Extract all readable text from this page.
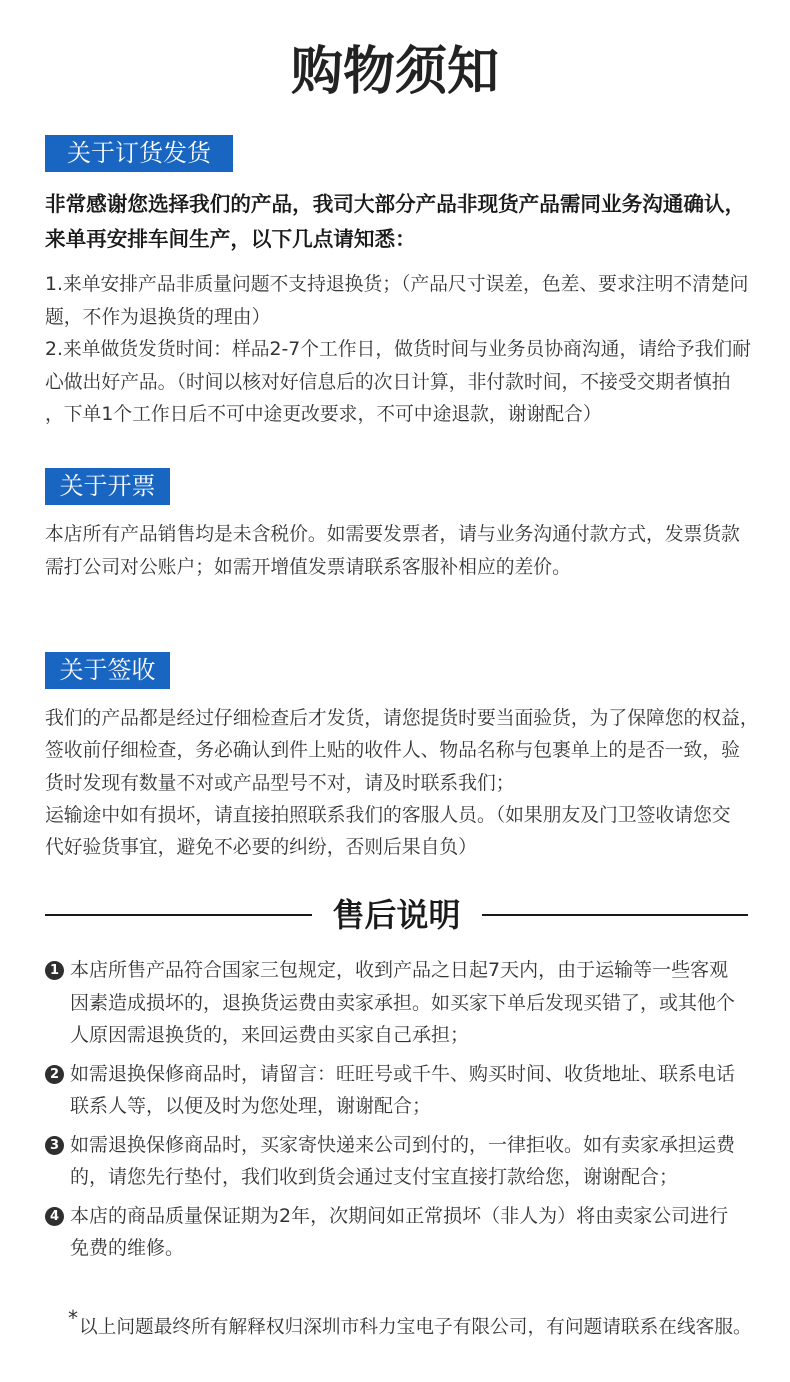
购物须知
关于订货发货
非常感谢您选择我们的产品，我司大部分产品非现货产品需同业务沟通确认，
来单再安排车间生产，以下几点请知悉：
1.来单安排产品非质量问题不支持退换货；（产品尺寸误差，色差、要求注明不清楚问
题，不作为退换货的理由）
2.来单做货发货时间：样品2-7个工作日，做货时间与业务员协商沟通，请给予我们耐
心做出好产品。（时间以核对好信息后的次日计算，非付款时间，不接受交期者慎拍
，下单1个工作日后不可中途更改要求，不可中途退款，谢谢配合）
关于开票
本店所有产品销售均是未含税价。如需要发票者，请与业务沟通付款方式，发票货款
需打公司对公账户；如需开增值发票请联系客服补相应的差价。
关于签收
我们的产品都是经过仔细检查后才发货，请您提货时要当面验货，为了保障您的权益，
签收前仔细检查，务必确认到件上贴的收件人、物品名称与包裹单上的是否一致，验
货时发现有数量不对或产品型号不对，请及时联系我们；
运输途中如有损坏，请直接拍照联系我们的客服人员。（如果朋友及门卫签收请您交
代好验货事宜，避免不必要的纠纷，否则后果自负）
售后说明
1 本店所售产品符合国家三包规定，收到产品之日起7天内，由于运输等一些客观
因素造成损坏的，退换货运费由卖家承担。如买家下单后发现买错了，或其他个
人原因需退换货的，来回运费由买家自己承担；
2 如需退换保修商品时，请留言：旺旺号或千牛、购买时间、收货地址、联系电话
联系人等，以便及时为您处理，谢谢配合；
3 如需退换保修商品时，买家寄快递来公司到付的，一律拒收。如有卖家承担运费
的，请您先行垫付，我们收到货会通过支付宝直接打款给您，谢谢配合；
4 本店的商品质量保证期为2年，次期间如正常损坏（非人为）将由卖家公司进行
免费的维修。
*以上问题最终所有解释权归深圳市科力宝电子有限公司，有问题请联系在线客服。
